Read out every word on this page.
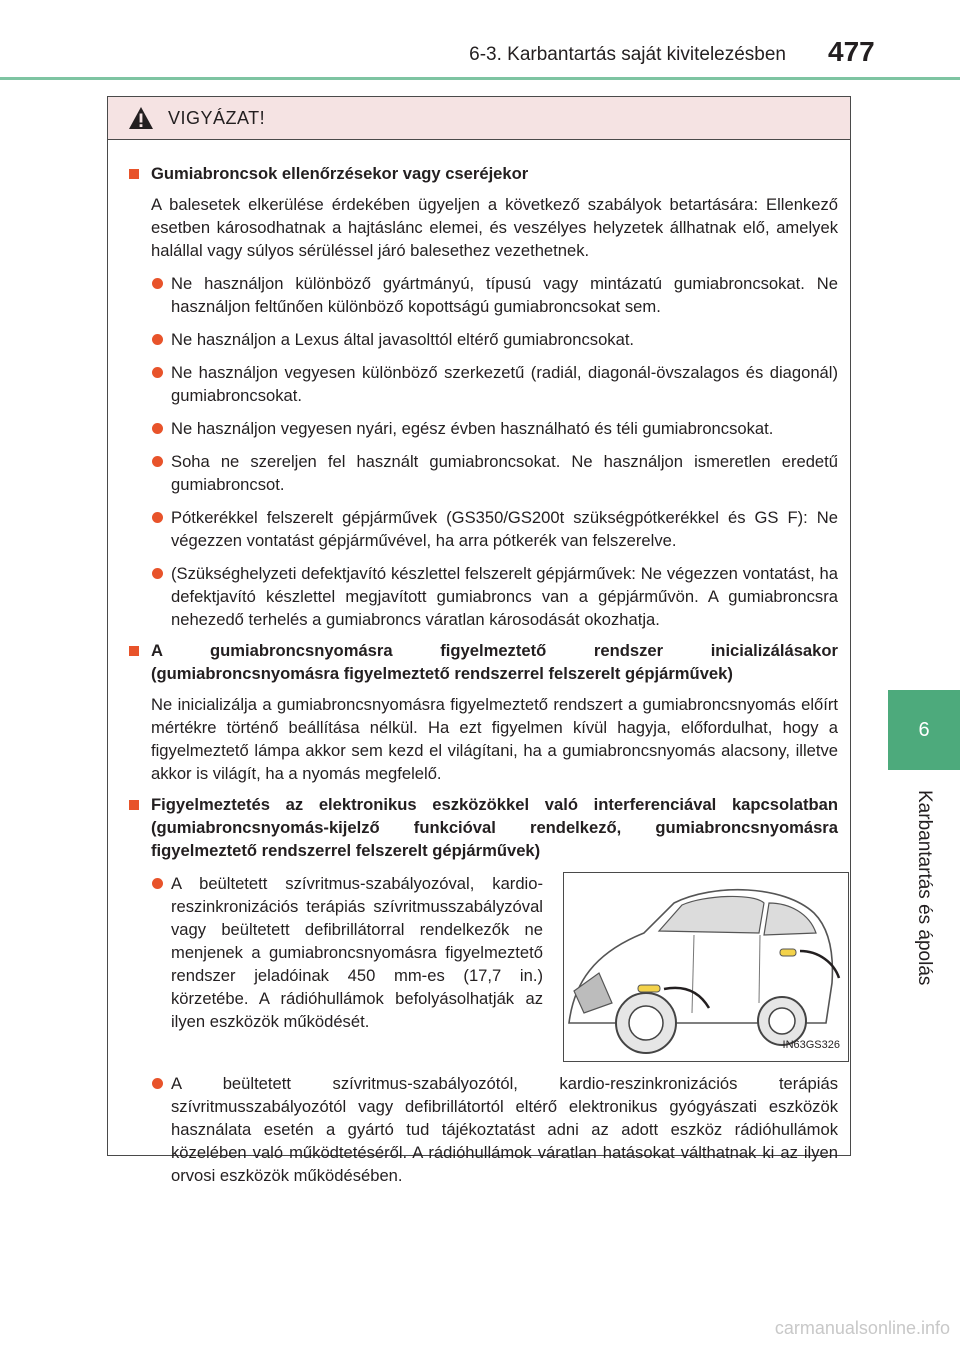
6-3. Karbantartás saját kivitelezésben 477
6
Karbantartás és ápolás
VIGYÁZAT!
Gumiabroncsok ellenőrzésekor vagy cseréjekor
A balesetek elkerülése érdekében ügyeljen a következő szabályok betartására: Ellenkező esetben károsodhatnak a hajtáslánc elemei, és veszélyes helyzetek állhatnak elő, amelyek halállal vagy súlyos sérüléssel járó balesethez vezethetnek.
Ne használjon különböző gyártmányú, típusú vagy mintázatú gumiabroncsokat. Ne használjon feltűnően különböző kopottságú gumiabroncsokat sem.
Ne használjon a Lexus által javasolttól eltérő gumiabroncsokat.
Ne használjon vegyesen különböző szerkezetű (radiál, diagonál-övszalagos és diagonál) gumiabroncsokat.
Ne használjon vegyesen nyári, egész évben használható és téli gumiabroncsokat.
Soha ne szereljen fel használt gumiabroncsokat. Ne használjon ismeretlen eredetű gumiabroncsot.
Pótkerékkel felszerelt gépjárművek (GS350/GS200t szükségpótkerékkel és GS F): Ne végezzen vontatást gépjárművével, ha arra pótkerék van felszerelve.
(Szükséghelyzeti defektjavító készlettel felszerelt gépjárművek: Ne végezzen vontatást, ha defektjavító készlettel megjavított gumiabroncs van a gépjárművön. A gumiabroncsra nehezedő terhelés a gumiabroncs váratlan károsodását okozhatja.
A gumiabroncsnyomásra figyelmeztető rendszer inicializálásakor (gumiabroncsnyomásra figyelmeztető rendszerrel felszerelt gépjárművek)
Ne inicializálja a gumiabroncsnyomásra figyelmeztető rendszert a gumiabroncsnyomás előírt mértékre történő beállítása nélkül. Ha ezt figyelmen kívül hagyja, előfordulhat, hogy a figyelmeztető lámpa akkor sem kezd el világítani, ha a gumiabroncsnyomás alacsony, illetve akkor is világít, ha a nyomás megfelelő.
Figyelmeztetés az elektronikus eszközökkel való interferenciával kapcsolatban (gumiabroncsnyomás-kijelző funkcióval rendelkező, gumiabroncsnyomásra figyelmeztető rendszerrel felszerelt gépjárművek)
A beültetett szívritmus-szabályozóval, kardio-reszinkronizációs terápiás szívritmusszabályzóval vagy beültetett defibrillátorral rendelkezők ne menjenek a gumiabroncsnyomásra figyelmeztető rendszer jeladóinak 450 mm-es (17,7 in.) körzetébe. A rádióhullámok befolyásolhatják az ilyen eszközök működését.
IN63GS326
A beültetett szívritmus-szabályozótól, kardio-reszinkronizációs terápiás szívritmusszabályozótól vagy defibrillátortól eltérő elektronikus gyógyászati eszközök használata esetén a gyártó tud tájékoztatást adni az adott eszköz rádióhullámok közelében való működtetéséről. A rádióhullámok váratlan hatásokat válthatnak ki az ilyen orvosi eszközök működésében.
carmanualsonline.info
